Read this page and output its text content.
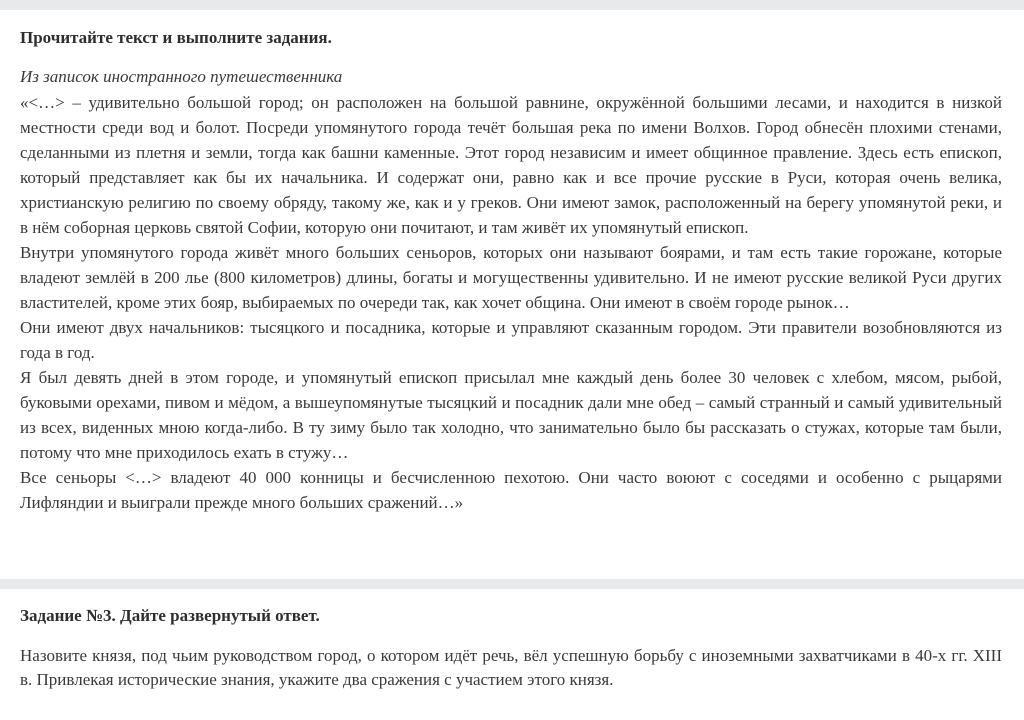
Прочитайте текст и выполните задания.

Из записок иностранного путешественника

«<…> – удивительно большой город; он расположен на большой равнине, окружённой большими лесами, и находится в низкой местности среди вод и болот. Посреди упомянутого города течёт большая река по имени Волхов. Город обнесён плохими стенами, сделанными из плетня и земли, тогда как башни каменные. Этот город независим и имеет общинное правление. Здесь есть епископ, который представляет как бы их начальника. И содержат они, равно как и все прочие русские в Руси, которая очень велика, христианскую религию по своему обряду, такому же, как и у греков. Они имеют замок, расположенный на берегу упомянутой реки, и в нём соборная церковь святой Софии, которую они почитают, и там живёт их упомянутый епископ.

Внутри упомянутого города живёт много больших сеньоров, которых они называют боярами, и там есть такие горожане, которые владеют землёй в 200 лье (800 километров) длины, богаты и могущественны удивительно. И не имеют русские великой Руси других властителей, кроме этих бояр, выбираемых по очереди так, как хочет община. Они имеют в своём городе рынок…

Они имеют двух начальников: тысяцкого и посадника, которые и управляют сказанным городом. Эти правители возобновляются из года в год.

Я был девять дней в этом городе, и упомянутый епископ присылал мне каждый день более 30 человек с хлебом, мясом, рыбой, буковыми орехами, пивом и мёдом, а вышеупомянутые тысяцкий и посадник дали мне обед – самый странный и самый удивительный из всех, виденных мною когда-либо. В ту зиму было так холодно, что занимательно было бы рассказать о стужах, которые там были, потому что мне приходилось ехать в стужу…

Все сеньоры <…> владеют 40 000 конницы и бесчисленною пехотою. Они часто воюют с соседями и особенно с рыцарями Лифляндии и выиграли прежде много больших сражений…»

Задание №3. Дайте развернутый ответ.

Назовите князя, под чьим руководством город, о котором идёт речь, вёл успешную борьбу с иноземными захватчиками в 40-х гг. XIII в. Привлекая исторические знания, укажите два сражения с участием этого князя.
